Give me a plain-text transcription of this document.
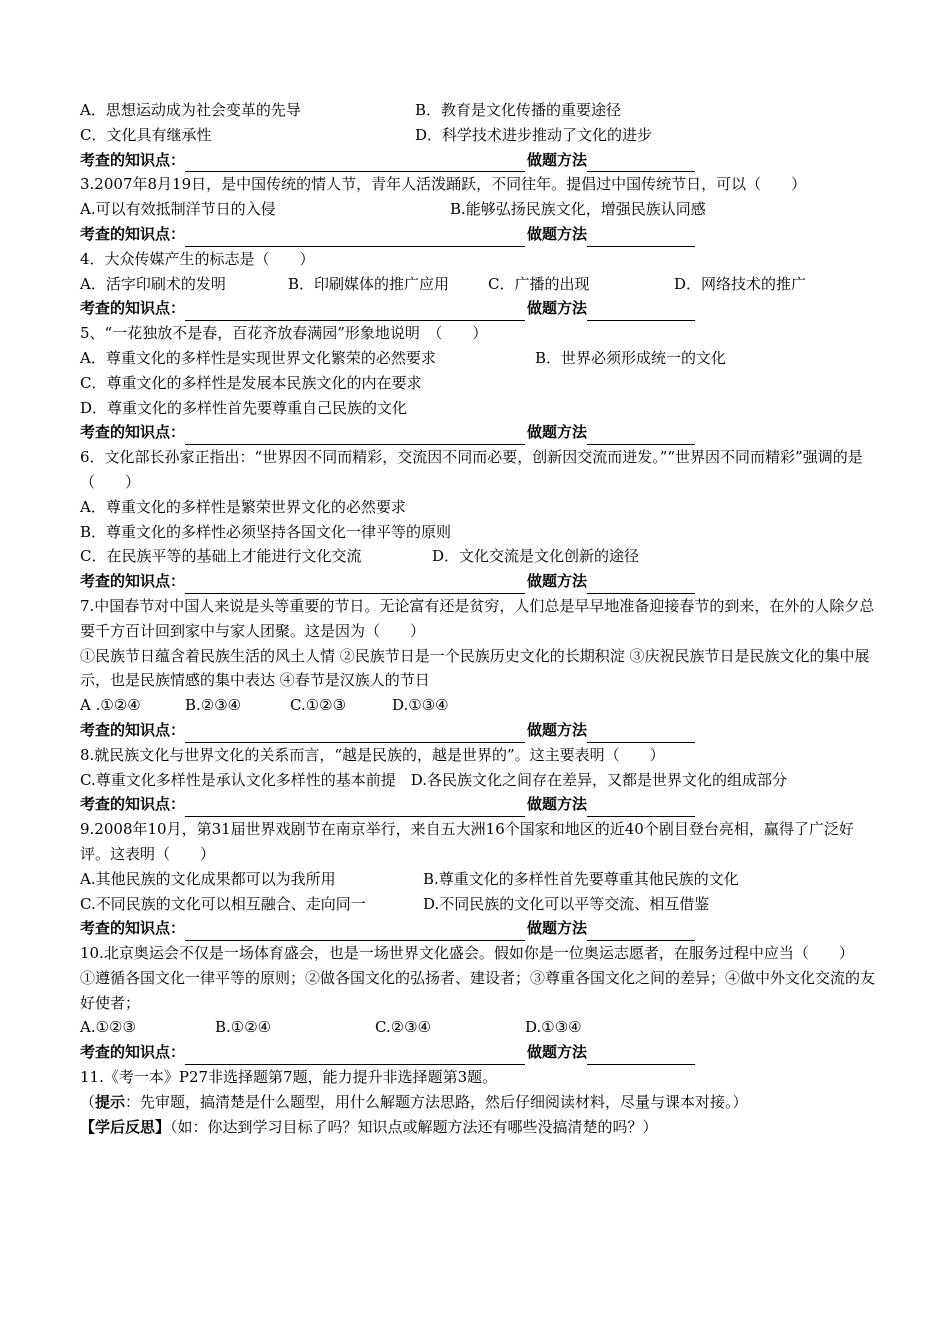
A．思想运动成为社会变革的先导	B．教育是文化传播的重要途径
C．文化具有继承性	D．科学技术进步推动了文化的进步
考查的知识点：	做题方法
3.2007年8月19日，是中国传统的情人节，青年人活泼踊跃，不同往年。提倡过中国传统节日，可以（　　）
A.可以有效抵制洋节日的入侵	B.能够弘扬民族文化，增强民族认同感
考查的知识点：	做题方法
4．大众传媒产生的标志是（　　）
A．活字印刷术的发明	B．印刷媒体的推广应用	C．广播的出现	D．网络技术的推广
考查的知识点：	做题方法
5、“一花独放不是春，百花齐放春满园”形象地说明　（　　）
A．尊重文化的多样性是实现世界文化繁荣的必然要求	B．世界必须形成统一的文化
C．尊重文化的多样性是发展本民族文化的内在要求
D．尊重文化的多样性首先要尊重自己民族的文化
考查的知识点：	做题方法
6．文化部长孙家正指出：“世界因不同而精彩，交流因不同而必要，创新因交流而迸发。”“世界因不同而精彩”强调的是（　　）
A．尊重文化的多样性是繁荣世界文化的必然要求
B．尊重文化的多样性必须坚持各国文化一律平等的原则
C．在民族平等的基础上才能进行文化交流	D．文化交流是文化创新的途径
考查的知识点：	做题方法
7.中国春节对中国人来说是头等重要的节日。无论富有还是贫穷，人们总是早早地准备迎接春节的到来，在外的人除夕总要千方百计回到家中与家人团聚。这是因为（　　）
①民族节日蕴含着民族生活的风土人情 ②民族节日是一个民族历史文化的长期积淀 ③庆祝民族节日是民族文化的集中展示，也是民族情感的集中表达 ④春节是汉族人的节日
A .①②④	B.②③④	C.①②③	D.①③④
考查的知识点：	做题方法
8.就民族文化与世界文化的关系而言，“越是民族的，越是世界的”。这主要表明（　　）
C.尊重文化多样性是承认文化多样性的基本前提　D.各民族文化之间存在差异，又都是世界文化的组成部分
考查的知识点：	做题方法
9.2008年10月，第31届世界戏剧节在南京举行，来自五大洲16个国家和地区的近40个剧目登台亮相，赢得了广泛好评。这表明（　　）
A.其他民族的文化成果都可以为我所用	B.尊重文化的多样性首先要尊重其他民族的文化
C.不同民族的文化可以相互融合、走向同一	D.不同民族的文化可以平等交流、相互借鉴
考查的知识点：	做题方法
10.北京奥运会不仅是一场体育盛会，也是一场世界文化盛会。假如你是一位奥运志愿者，在服务过程中应当（　　）
①遵循各国文化一律平等的原则；②做各国文化的弘扬者、建设者；③尊重各国文化之间的差异；④做中外文化交流的友好使者；
A.①②③	B.①②④	C.②③④	D.①③④
考查的知识点：	做题方法
11.《考一本》P27非选择题第7题，能力提升非选择题第3题。
（提示：先审题，搞清楚是什么题型，用什么解题方法思路，然后仔细阅读材料，尽量与课本对接。）
【学后反思】（如：你达到学习目标了吗？知识点或解题方法还有哪些没搞清楚的吗？）
